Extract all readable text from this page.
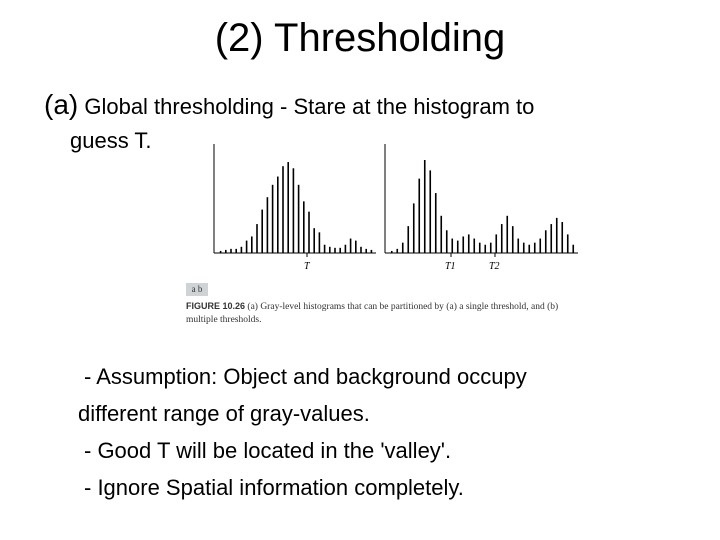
(2) Thresholding
(a) Global thresholding - Stare at the histogram to
guess T.
T	T1	T2
a b
FIGURE 10.26 (a) Gray-level histograms that can be partitioned by (a) a single threshold, and (b) multiple thresholds.
- Assumption: Object and background occupy
different range of gray-values.
- Good T will be located in the 'valley'.
- Ignore Spatial information completely.
